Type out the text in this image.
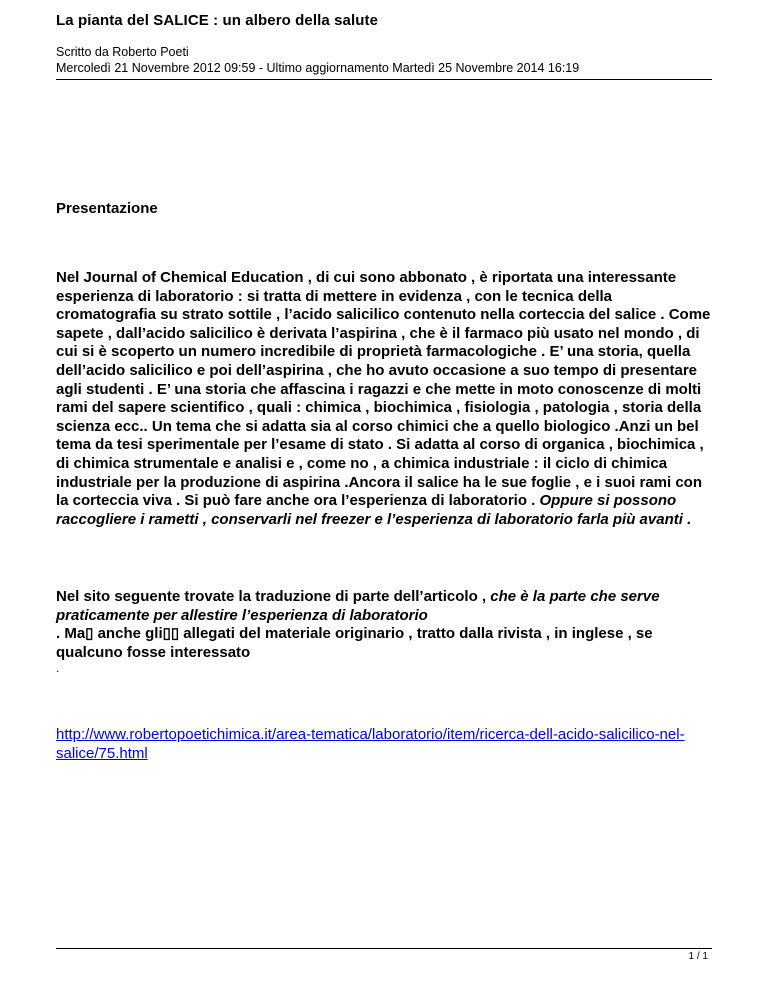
La pianta del SALICE : un albero della salute
Scritto da Roberto Poeti
Mercoledì 21 Novembre 2012 09:59 - Ultimo aggiornamento Martedì 25 Novembre 2014 16:19
Presentazione

Nel Journal of Chemical Education , di cui sono abbonato , è riportata una interessante esperienza di laboratorio : si tratta di mettere in evidenza , con le tecnica della cromatografia su strato sottile , l’acido salicilico contenuto nella corteccia del salice . Come sapete , dall’acido salicilico è derivata l’aspirina , che è il farmaco più usato nel mondo , di cui si è scoperto un numero incredibile di proprietà farmacologiche . E’ una storia, quella dell’acido salicilico e poi dell’aspirina , che ho avuto occasione a suo tempo di presentare agli studenti . E’ una storia che affascina i ragazzi e che mette in moto conoscenze di molti rami del sapere scientifico , quali : chimica , biochimica , fisiologia , patologia , storia della scienza ecc.. Un tema che si adatta sia al corso chimici che a quello biologico .Anzi un bel tema da tesi sperimentale per l’esame di stato . Si adatta al corso di organica , biochimica , di chimica strumentale e analisi e , come no , a chimica industriale : il ciclo di chimica industriale per la produzione di aspirina .Ancora il salice ha le sue foglie , e i suoi rami con la corteccia viva . Si può fare anche ora l’esperienza di laboratorio . Oppure si possono raccogliere i rametti , conservarli nel freezer e l’esperienza di laboratorio farla più avanti .

Nel sito seguente trovate la traduzione di parte dell’articolo , che è la parte che serve praticamente per allestire l’esperienza di laboratorio
. Ma▯ anche gli▯▯ allegati del materiale originario , tratto dalla rivista , in inglese , se qualcuno fosse interessato

.
http://www.robertopoetichimica.it/area-tematica/laboratorio/item/ricerca-dell-acido-salicilico-nel-salice/75.html
1 / 1
